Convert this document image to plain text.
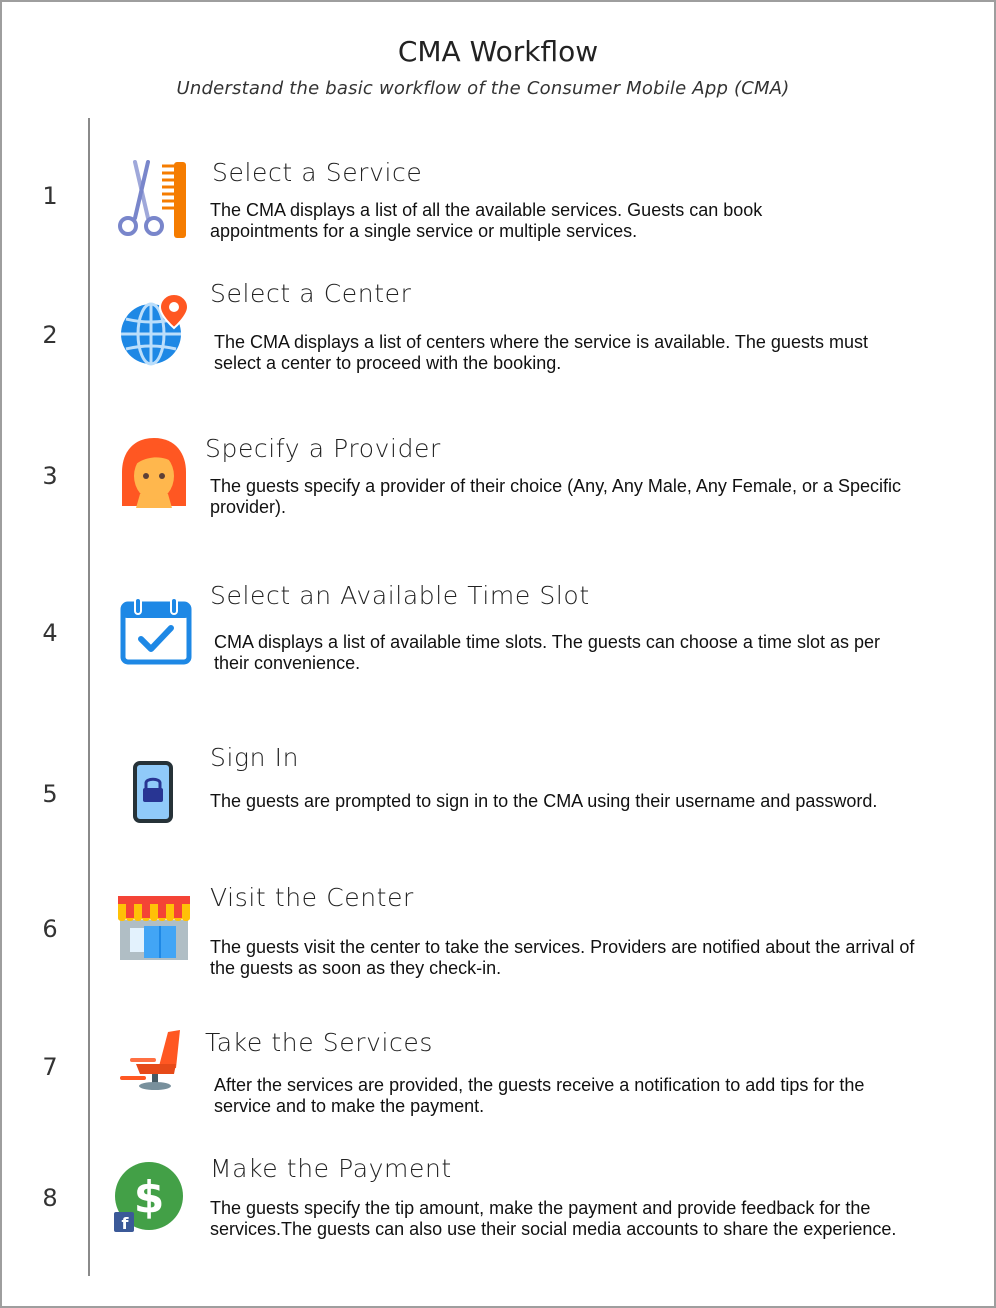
CMA Workflow
Understand the basic workflow of the Consumer Mobile App (CMA)
1
Select a Service
The CMA displays a list of all the available services. Guests can book appointments for a single service or multiple services.
2
Select a Center
The CMA displays a list of centers where the service is available. The guests must select a center to proceed with the booking.
3
Specify a Provider
The guests specify a provider of their choice (Any, Any Male, Any Female, or a Specific provider).
4
Select an Available Time Slot
CMA displays a list of available time slots. The guests can choose a time slot as per their convenience.
5
Sign In
The guests are prompted to sign in to the CMA using their username and password.
6
Visit the Center
The guests visit the center to take the services. Providers are notified about the arrival of the guests as soon as they check-in.
7
Take the Services
After the services are provided, the guests receive a notification to add tips for the service and to make the payment.
8 $
f
Make the Payment
The guests specify the tip amount, make the payment and provide feedback for the services.The guests can also use their social media accounts to share the experience.
